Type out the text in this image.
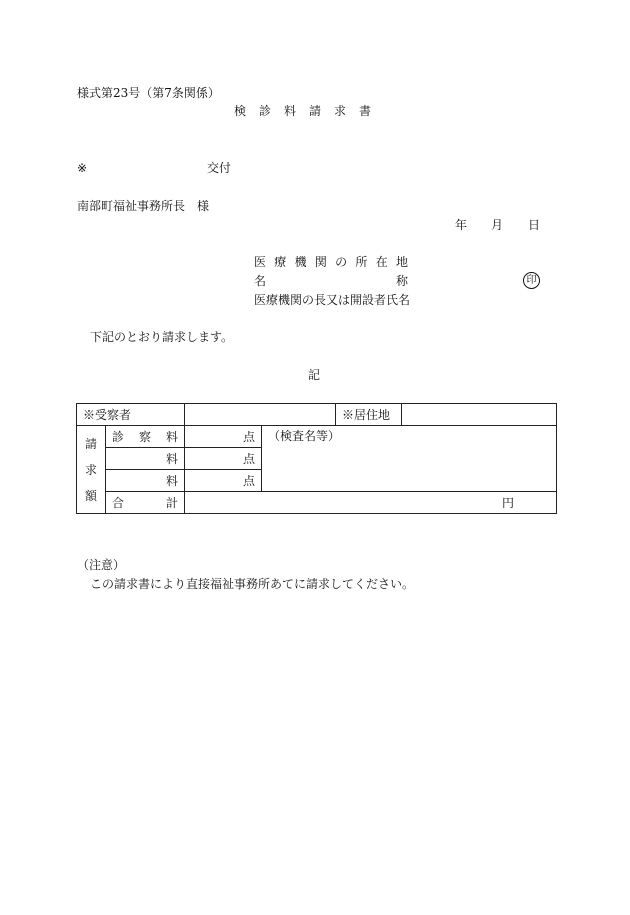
様式第23号（第7条関係）
検　診　料　請　求　書
※	交付
南部町福祉事務所長　様
年 月 日
医 療 機 関 の 所 在 地
名	称	印
医療機関の長又は開設者氏名
下記のとおり請求します。
記
※受察者				※居住地	

請
求
額	診 察 料	点	（検査名等）		
	料	点			
	料	点			

	合 計	円			
（注意）
この請求書により直接福祉事務所あてに請求してください。
